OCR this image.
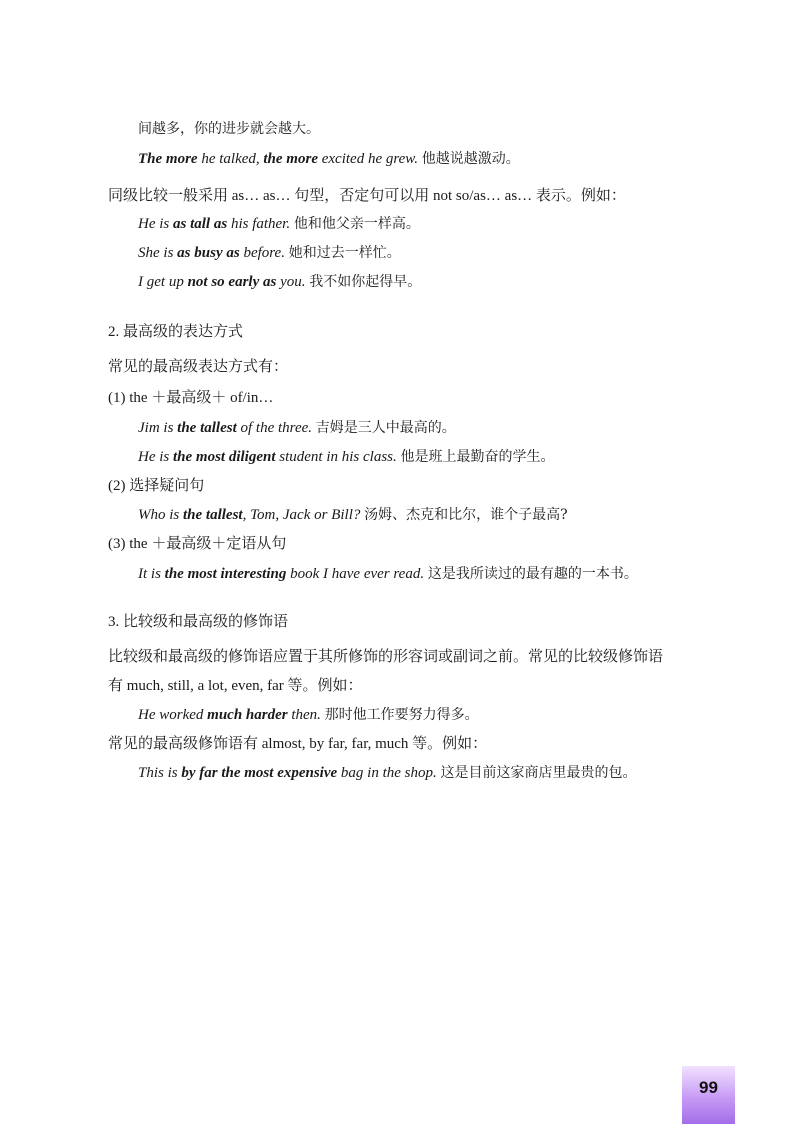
间越多，你的进步就会越大。
The more he talked, the more excited he grew. 他越说越激动。
同级比较一般采用 as… as… 句型，否定句可以用 not so/as… as… 表示。例如：
He is as tall as his father. 他和他父亲一样高。
She is as busy as before. 她和过去一样忙。
I get up not so early as you. 我不如你起得早。
2. 最高级的表达方式
常见的最高级表达方式有：
(1) the ＋最高级＋ of/in…
Jim is the tallest of the three. 吉姆是三人中最高的。
He is the most diligent student in his class. 他是班上最勤奋的学生。
(2) 选择疑问句
Who is the tallest, Tom, Jack or Bill? 汤姆、杰克和比尔，谁个子最高?
(3) the ＋最高级＋定语从句
It is the most interesting book I have ever read. 这是我所读过的最有趣的一本书。
3. 比较级和最高级的修饰语
比较级和最高级的修饰语应置于其所修饰的形容词或副词之前。常见的比较级修饰语
有 much, still, a lot, even, far 等。例如：
He worked much harder then. 那时他工作要努力得多。
常见的最高级修饰语有 almost, by far, far, much 等。例如：
This is by far the most expensive bag in the shop. 这是目前这家商店里最贵的包。
99
